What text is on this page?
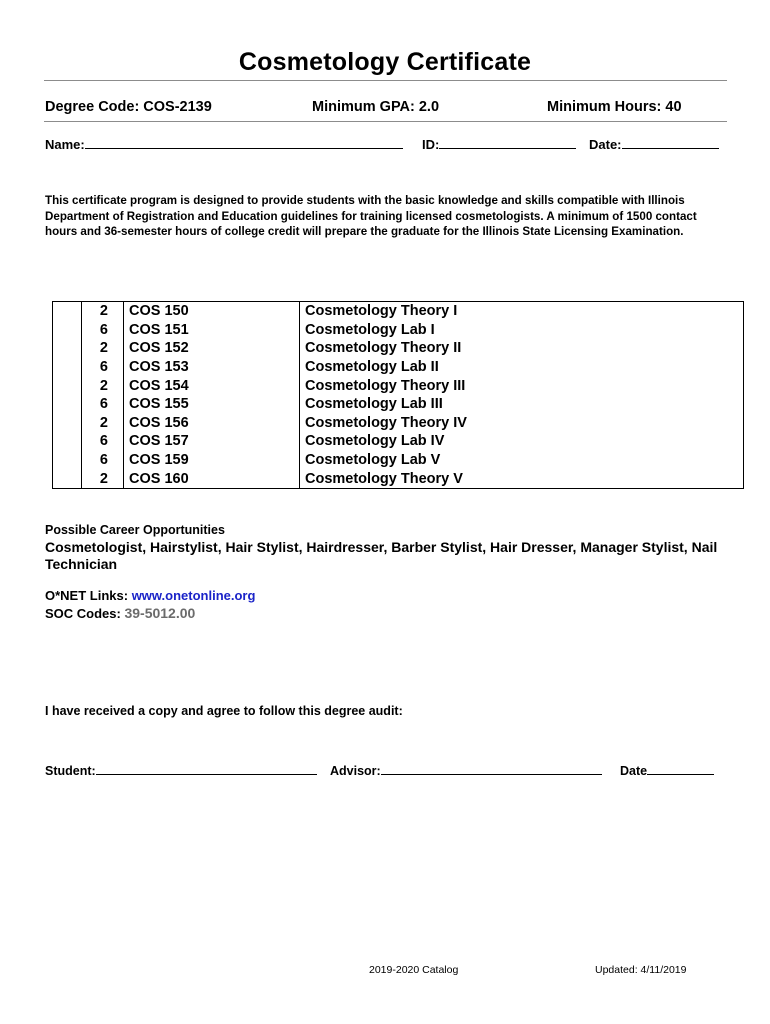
Cosmetology Certificate
Degree Code: COS-2139	Minimum GPA: 2.0	Minimum Hours: 40
Name:	ID:	Date:
This certificate program is designed to provide students with the basic knowledge and skills compatible with Illinois Department of Registration and Education guidelines for training licensed cosmetologists. A minimum of 1500 contact hours and 36-semester hours of college credit will prepare the graduate for the Illinois State Licensing Examination.
	2	COS 150	Cosmetology Theory I
	6	COS 151	Cosmetology Lab I
	2	COS 152	Cosmetology Theory II
	6	COS 153	Cosmetology Lab II
	2	COS 154	Cosmetology Theory III
	6	COS 155	Cosmetology Lab III
	2	COS 156	Cosmetology Theory IV
	6	COS 157	Cosmetology Lab IV
	6	COS 159	Cosmetology Lab V
	2	COS 160	Cosmetology Theory V
Possible Career Opportunities
Cosmetologist, Hairstylist, Hair Stylist, Hairdresser, Barber Stylist, Hair Dresser, Manager Stylist, Nail Technician
O*NET Links: www.onetonline.org
SOC Codes: 39-5012.00
I have received a copy and agree to follow this degree audit:
Student:	Advisor:	Date
2019-2020 Catalog	Updated: 4/11/2019
